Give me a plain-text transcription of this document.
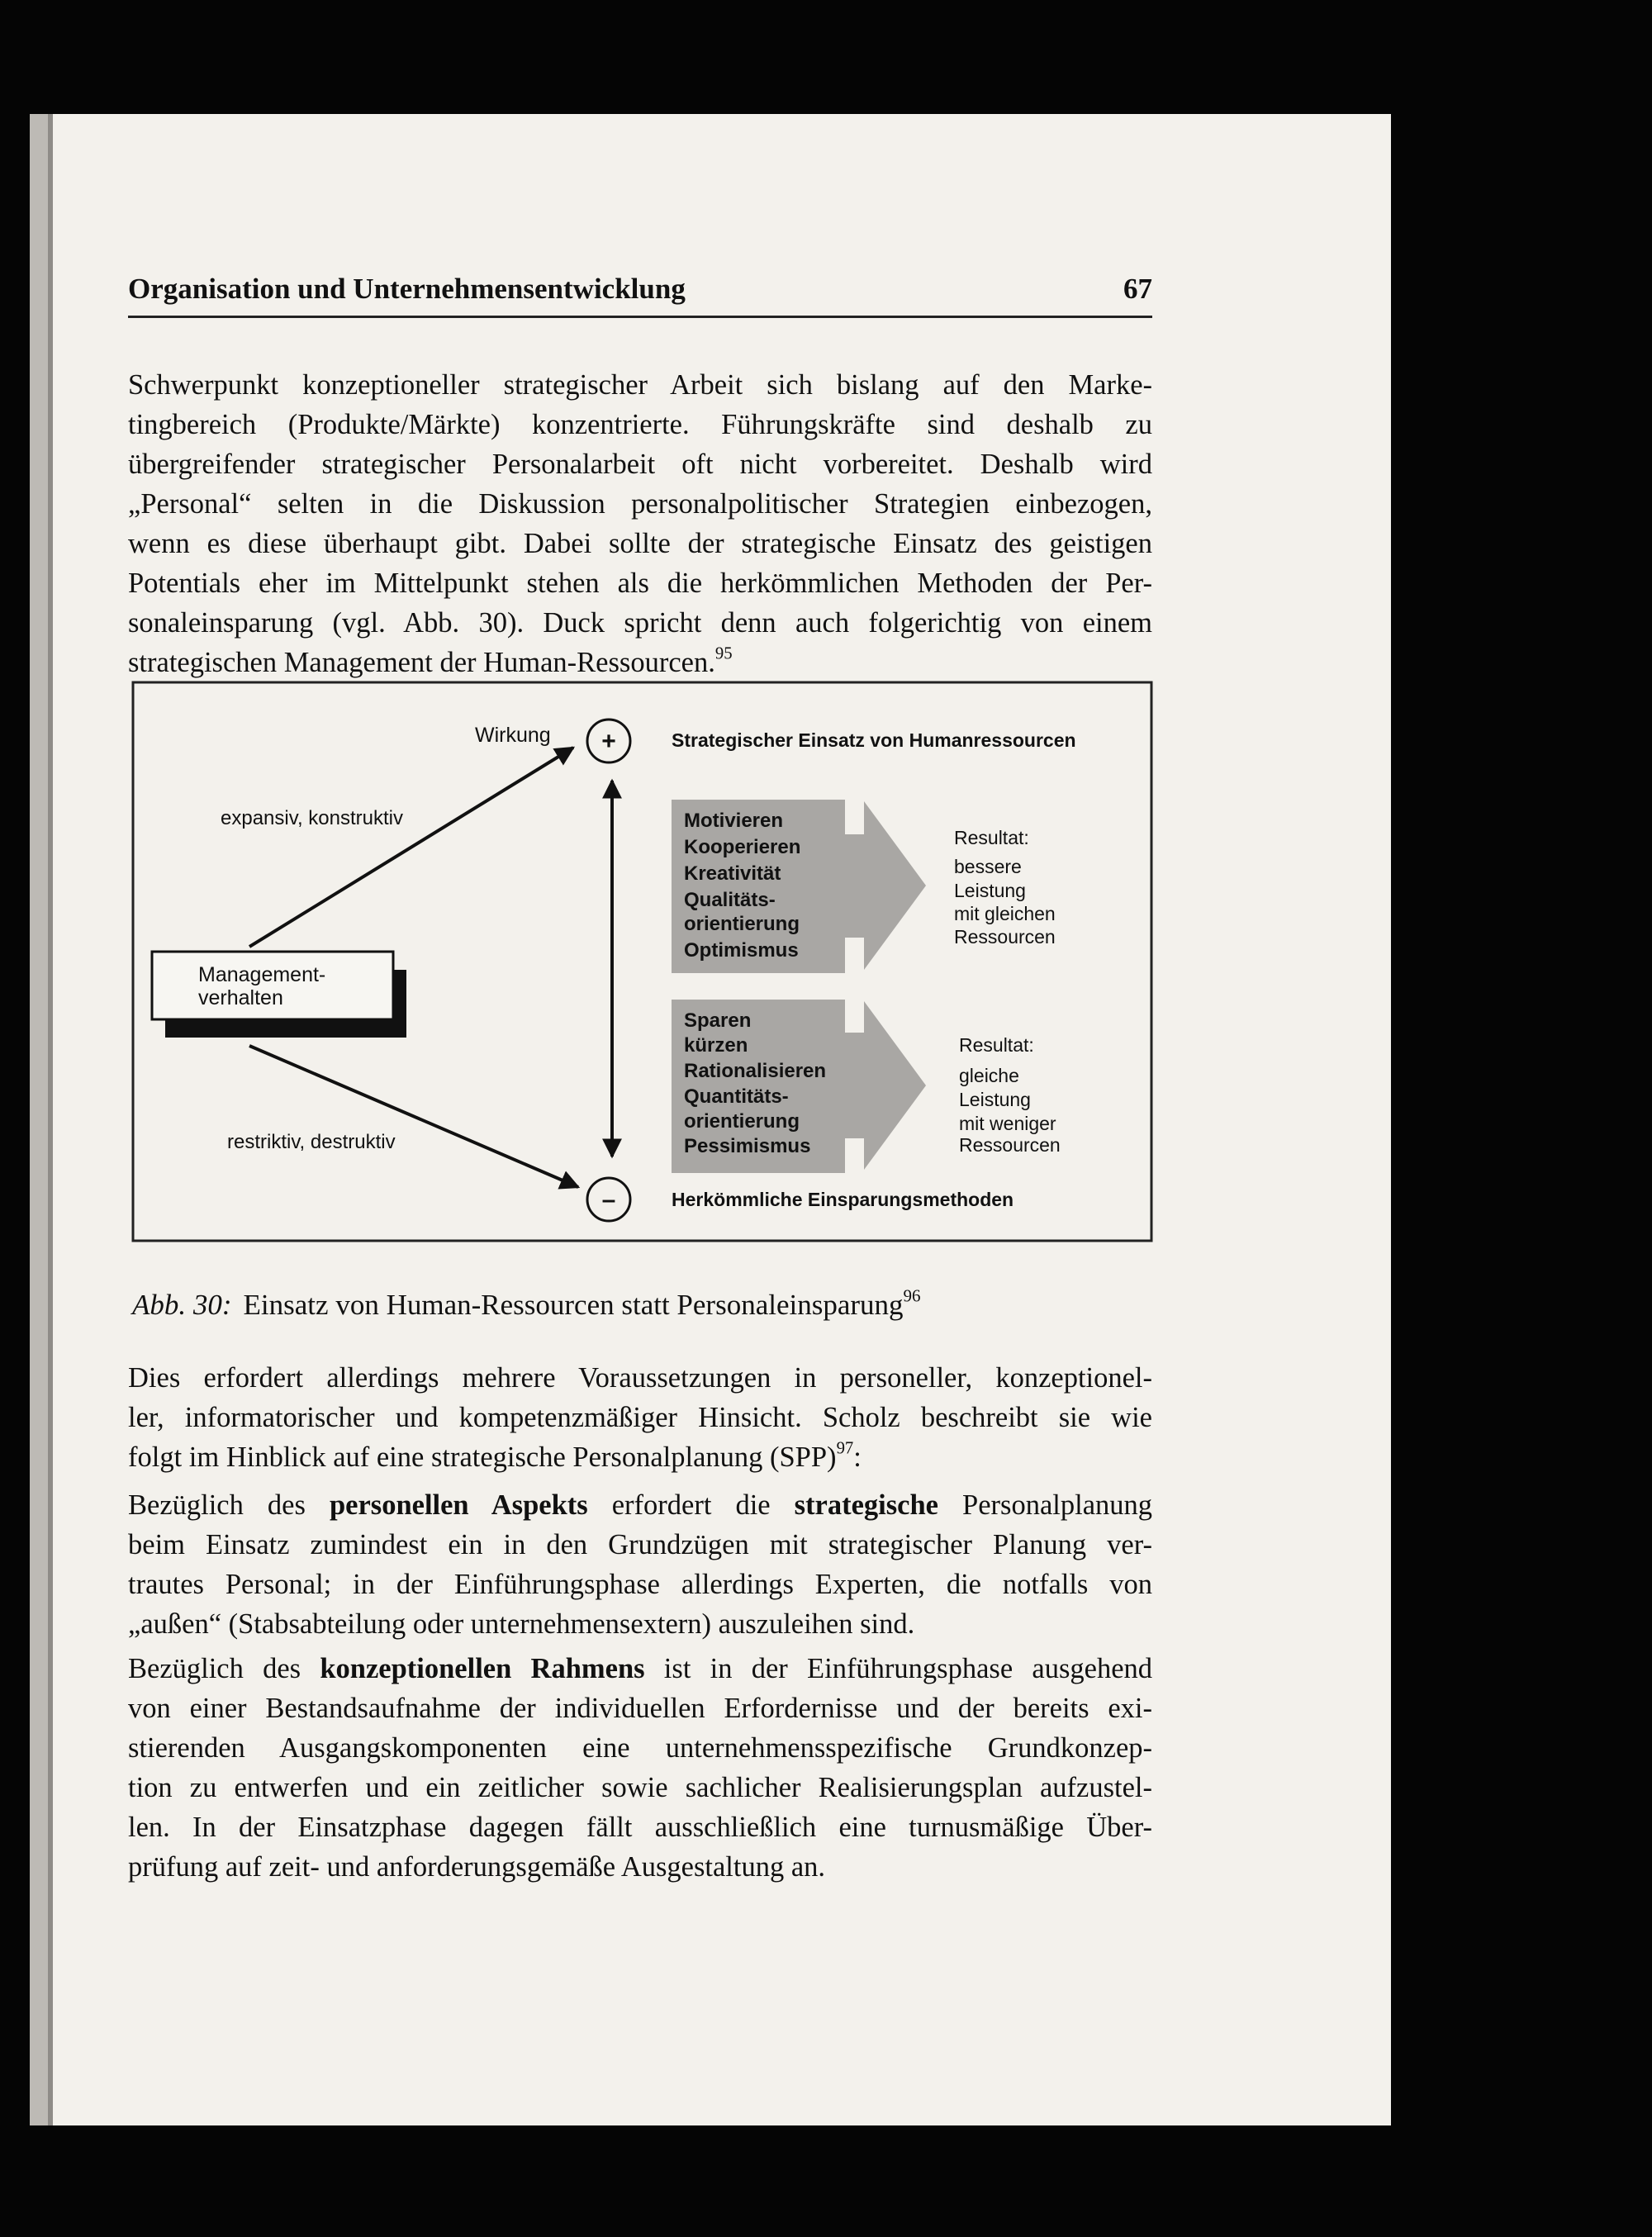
Organisation und Unternehmensentwicklung	67
Schwerpunkt konzeptioneller strategischer Arbeit sich bislang auf den Marke-
tingbereich (Produkte/Märkte) konzentrierte. Führungskräfte sind deshalb zu
übergreifender strategischer Personalarbeit oft nicht vorbereitet. Deshalb wird
„Personal“ selten in die Diskussion personalpolitischer Strategien einbezogen,
wenn es diese überhaupt gibt. Dabei sollte der strategische Einsatz des geistigen
Potentials eher im Mittelpunkt stehen als die herkömmlichen Methoden der Per-
sonaleinsparung (vgl. Abb. 30). Duck spricht denn auch folgerichtig von einem
strategischen Management der Human-Ressourcen.$^{95}$
Dies erfordert allerdings mehrere Voraussetzungen in personeller, konzeptionel-
ler, informatorischer und kompetenzmäßiger Hinsicht. Scholz beschreibt sie wie
folgt im Hinblick auf eine strategische Personalplanung (SPP)$^{97}$:
Bezüglich des personellen Aspekts erfordert die strategische Personalplanung
beim Einsatz zumindest ein in den Grundzügen mit strategischer Planung ver-
trautes Personal; in der Einführungsphase allerdings Experten, die notfalls von
„außen“ (Stabsabteilung oder unternehmensextern) auszuleihen sind.
Bezüglich des konzeptionellen Rahmens ist in der Einführungsphase ausgehend
von einer Bestandsaufnahme der individuellen Erfordernisse und der bereits exi-
stierenden Ausgangskomponenten eine unternehmensspezifische Grundkonzep-
tion zu entwerfen und ein zeitlicher sowie sachlicher Realisierungsplan aufzustel-
len. In der Einsatzphase dagegen fällt ausschließlich eine turnusmäßige Über-
prüfung auf zeit- und anforderungsgemäße Ausgestaltung an.
Abb. 30: Einsatz von Human-Ressourcen statt Personaleinsparung$^{96}$
Management-
verhalten
expansiv, konstruktiv
restriktiv, destruktiv
+
–
Wirkung	Strategischer Einsatz von Humanressourcen
Herkömmliche Einsparungsmethoden
Motivieren
Kooperieren
Kreativität
Qualitäts-
orientierung
Optimismus
Sparen
kürzen
Rationalisieren
Quantitäts-
orientierung
Pessimismus
Resultat:
bessere
Leistung
mit gleichen
Ressourcen
Resultat:
gleiche
Leistung
mit weniger
Ressourcen
